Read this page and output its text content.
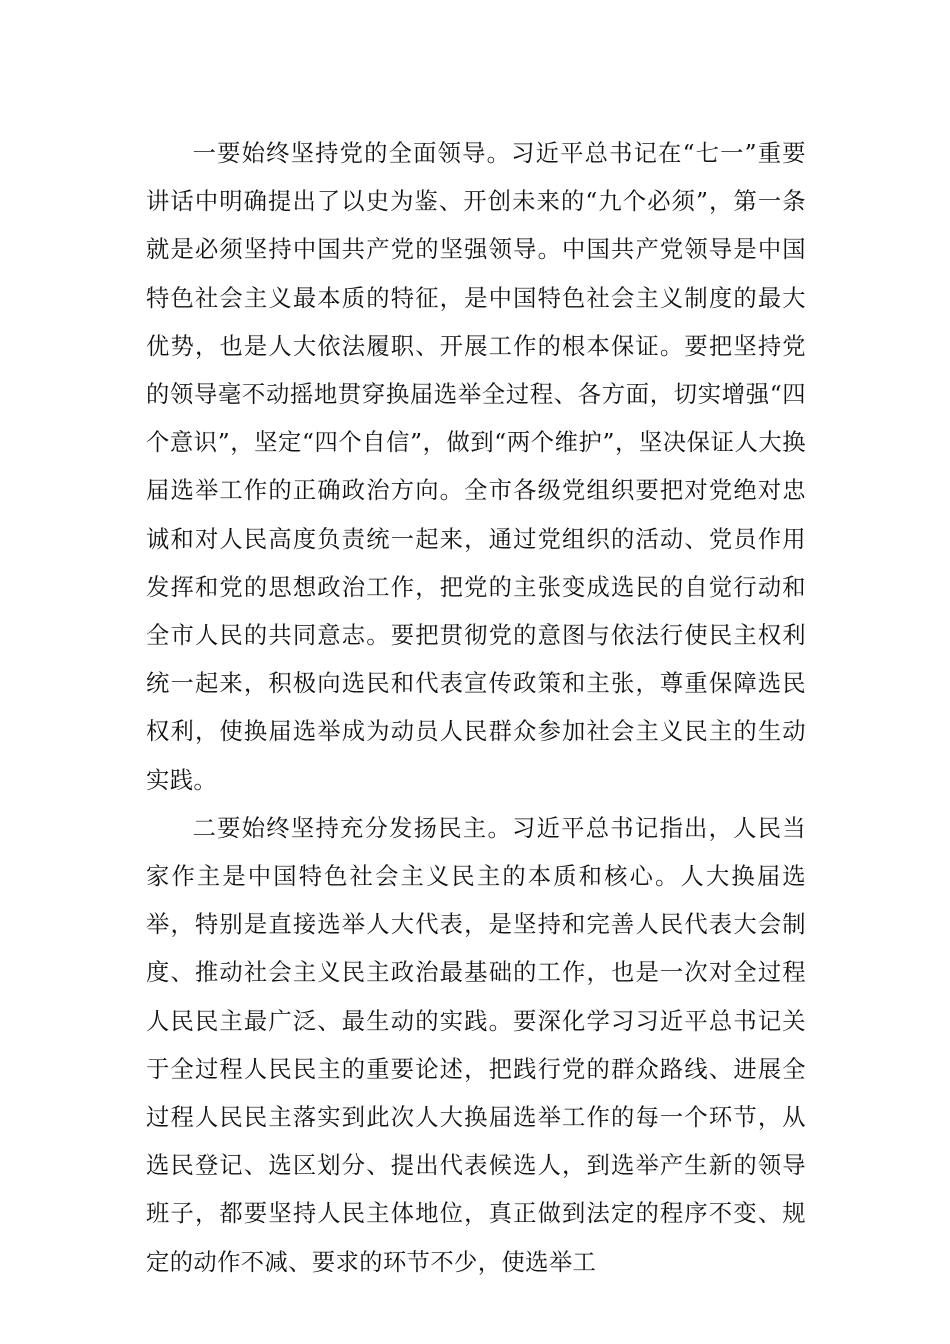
一要始终坚持党的全面领导。习近平总书记在“七一”重要讲话中明确提出了以史为鉴、开创未来的“九个必须”，第一条就是必须坚持中国共产党的坚强领导。中国共产党领导是中国特色社会主义最本质的特征，是中国特色社会主义制度的最大优势，也是人大依法履职、开展工作的根本保证。要把坚持党的领导毫不动摇地贯穿换届选举全过程、各方面，切实增强“四个意识”，坚定“四个自信”，做到“两个维护”，坚决保证人大换届选举工作的正确政治方向。全市各级党组织要把对党绝对忠诚和对人民高度负责统一起来，通过党组织的活动、党员作用发挥和党的思想政治工作，把党的主张变成选民的自觉行动和全市人民的共同意志。要把贯彻党的意图与依法行使民主权利统一起来，积极向选民和代表宣传政策和主张，尊重保障选民权利，使换届选举成为动员人民群众参加社会主义民主的生动实践。

二要始终坚持充分发扬民主。习近平总书记指出，人民当家作主是中国特色社会主义民主的本质和核心。人大换届选举，特别是直接选举人大代表，是坚持和完善人民代表大会制度、推动社会主义民主政治最基础的工作，也是一次对全过程人民民主最广泛、最生动的实践。要深化学习习近平总书记关于全过程人民民主的重要论述，把践行党的群众路线、进展全过程人民民主落实到此次人大换届选举工作的每一个环节，从选民登记、选区划分、提出代表候选人，到选举产生新的领导班子，都要坚持人民主体地位，真正做到法定的程序不变、规定的动作不减、要求的环节不少，使选举工
